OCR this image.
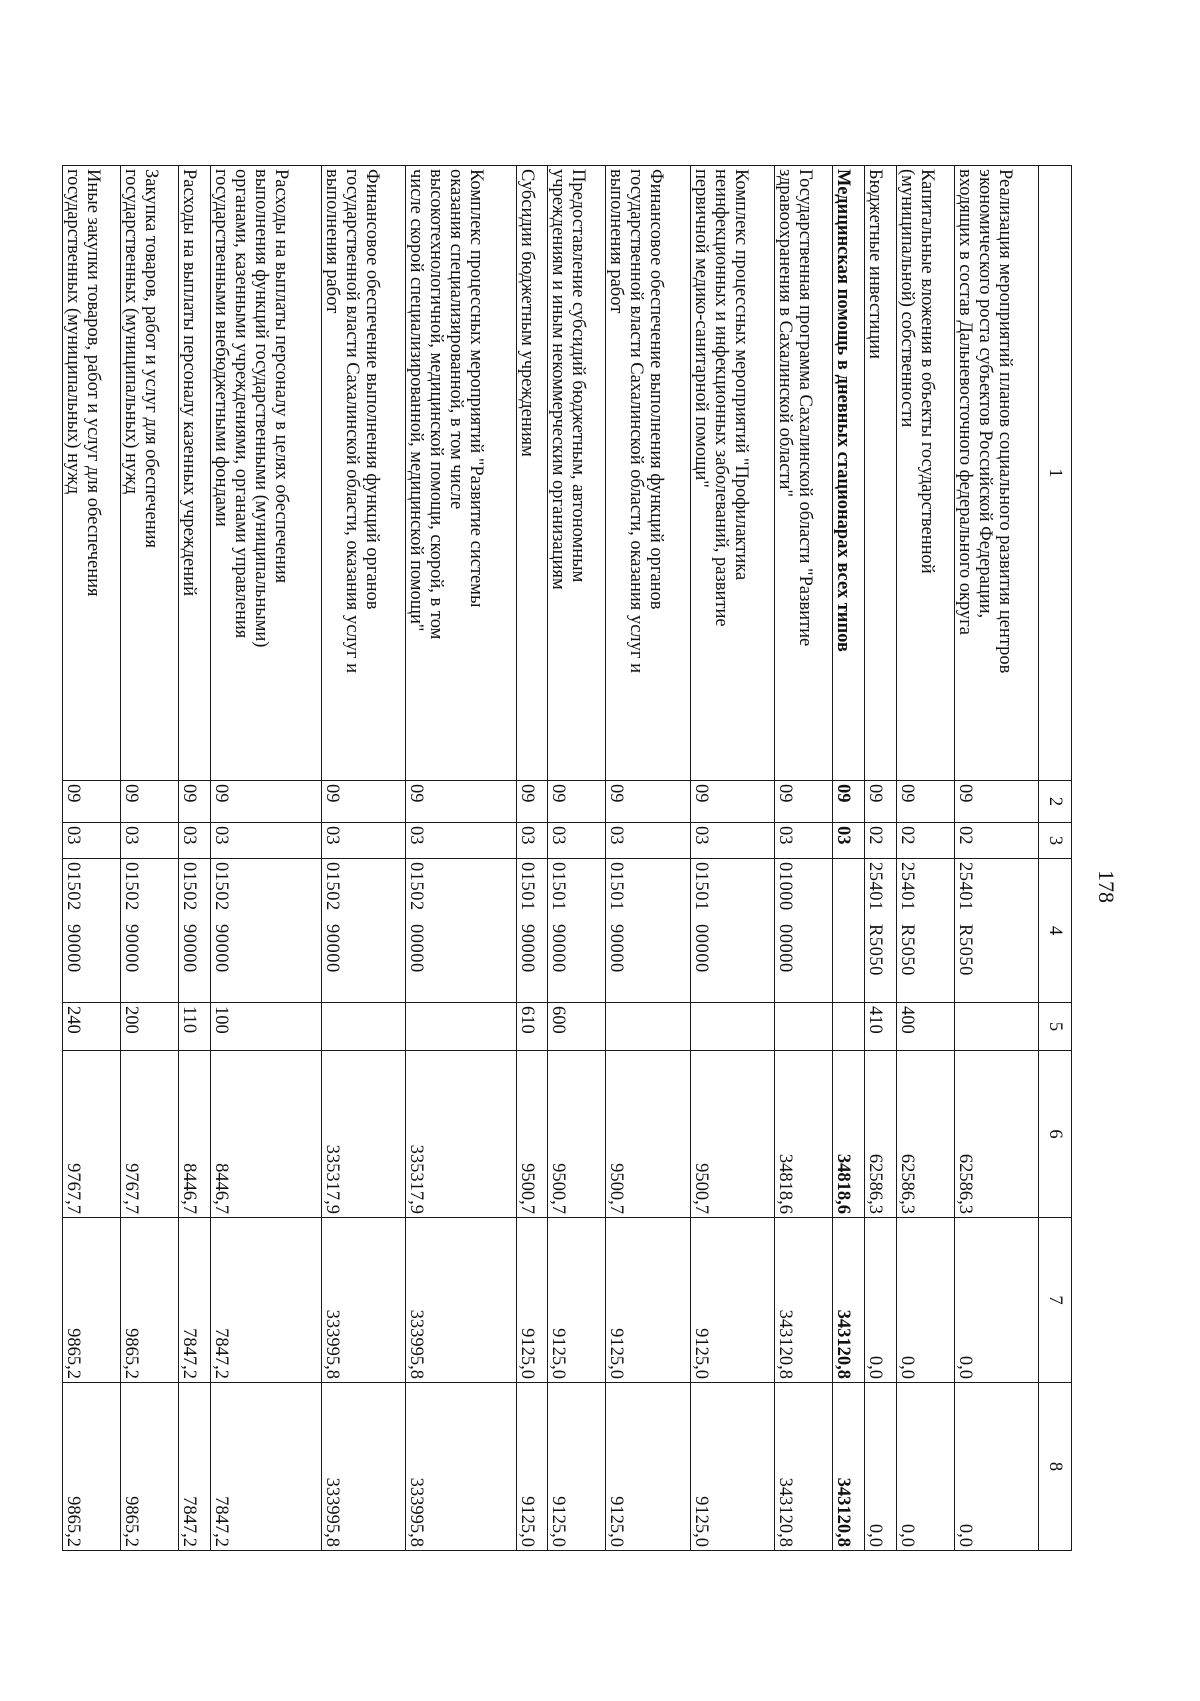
178
1	2	3	4	5	6	7	8

Реализация мероприятий планов социального развития центров
экономического роста субъектов Российской Федерации,
входящих в состав Дальневосточного федерального округа	09	02	25401R5050		62586,3	0,0	0,0

Капитальные вложения в объекты государственной
(муниципальной) собственности	09	02	25401R5050	400	62586,3	0,0	0,0

Бюджетные инвестиции	09	02	25401R5050	410	62586,3	0,0	0,0

Медицинская помощь в дневных стационарах всех типов	09	03			34818,6	343120,8	343120,8

Государственная программа Сахалинской области "Развитие
здравоохранения в Сахалинской области"	09	03	0100000000		34818,6	343120,8	343120,8

Комплекс процессных мероприятий "Профилактика
неинфекционных и инфекционных заболеваний, развитие
первичной медико-санитарной помощи"	09	03	0150100000		9500,7	9125,0	9125,0

Финансовое обеспечение выполнения функций органов
государственной власти Сахалинской области, оказания услуг и
выполнения работ	09	03	0150190000		9500,7	9125,0	9125,0

Предоставление субсидий бюджетным, автономным
учреждениям и иным некоммерческим организациям	09	03	0150190000	600	9500,7	9125,0	9125,0

Субсидии бюджетным учреждениям	09	03	0150190000	610	9500,7	9125,0	9125,0

Комплекс процессных мероприятий "Развитие системы
оказания специализированной, в том числе
высокотехнологичной, медицинской помощи, скорой, в том
числе скорой специализированной, медицинской помощи"	09	03	0150200000		335317,9	333995,8	333995,8

Финансовое обеспечение выполнения функций органов
государственной власти Сахалинской области, оказания услуг и
выполнения работ	09	03	0150290000		335317,9	333995,8	333995,8

Расходы на выплаты персоналу в целях обеспечения
выполнения функций государственными (муниципальными)
органами, казенными учреждениями, органами управления
государственными внебюджетными фондами	09	03	0150290000	100	8446,7	7847,2	7847,2

Расходы на выплаты персоналу казенных учреждений	09	03	0150290000	110	8446,7	7847,2	7847,2

Закупка товаров, работ и услуг для обеспечения
государственных (муниципальных) нужд	09	03	0150290000	200	9767,7	9865,2	9865,2

Иные закупки товаров, работ и услуг для обеспечения
государственных (муниципальных) нужд	09	03	0150290000	240	9767,7	9865,2	9865,2
